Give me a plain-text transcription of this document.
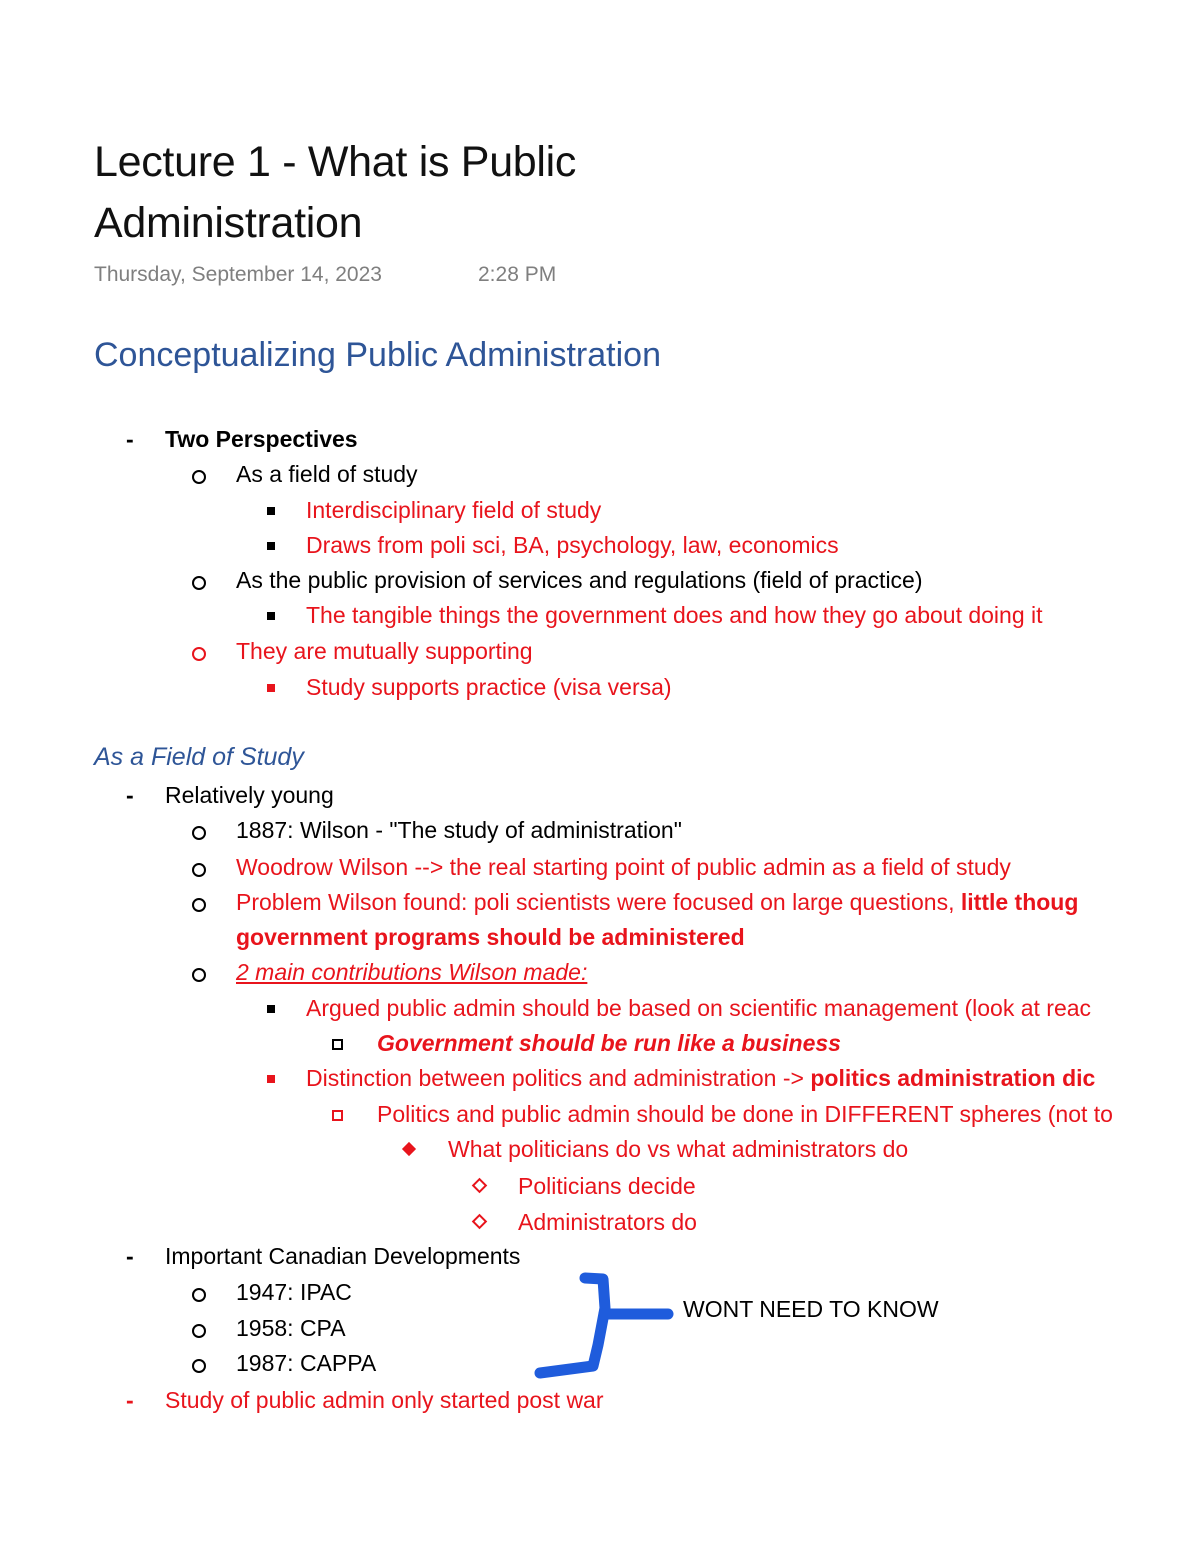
Lecture 1 - What is Public Administration
Thursday, September 14, 2023	2:28 PM
Conceptualizing Public Administration
- Two Perspectives
As a field of study
Interdisciplinary field of study
Draws from poli sci, BA, psychology, law, economics
As the public provision of services and regulations (field of practice)
The tangible things the government does and how they go about doing it
They are mutually supporting
Study supports practice (visa versa)
As a Field of Study
- Relatively young
1887: Wilson - "The study of administration"
Woodrow Wilson --> the real starting point of public admin as a field of study
Problem Wilson found: poli scientists were focused on large questions, little thoug
government programs should be administered
2 main contributions Wilson made:
Argued public admin should be based on scientific management (look at reac
Government should be run like a business
Distinction between politics and administration -> politics administration dic
Politics and public admin should be done in DIFFERENT spheres (not to
What politicians do vs what administrators do
Politicians decide
Administrators do
- Important Canadian Developments
1947: IPAC
1958: CPA
1987: CAPPA
- Study of public admin only started post war
WONT NEED TO KNOW
